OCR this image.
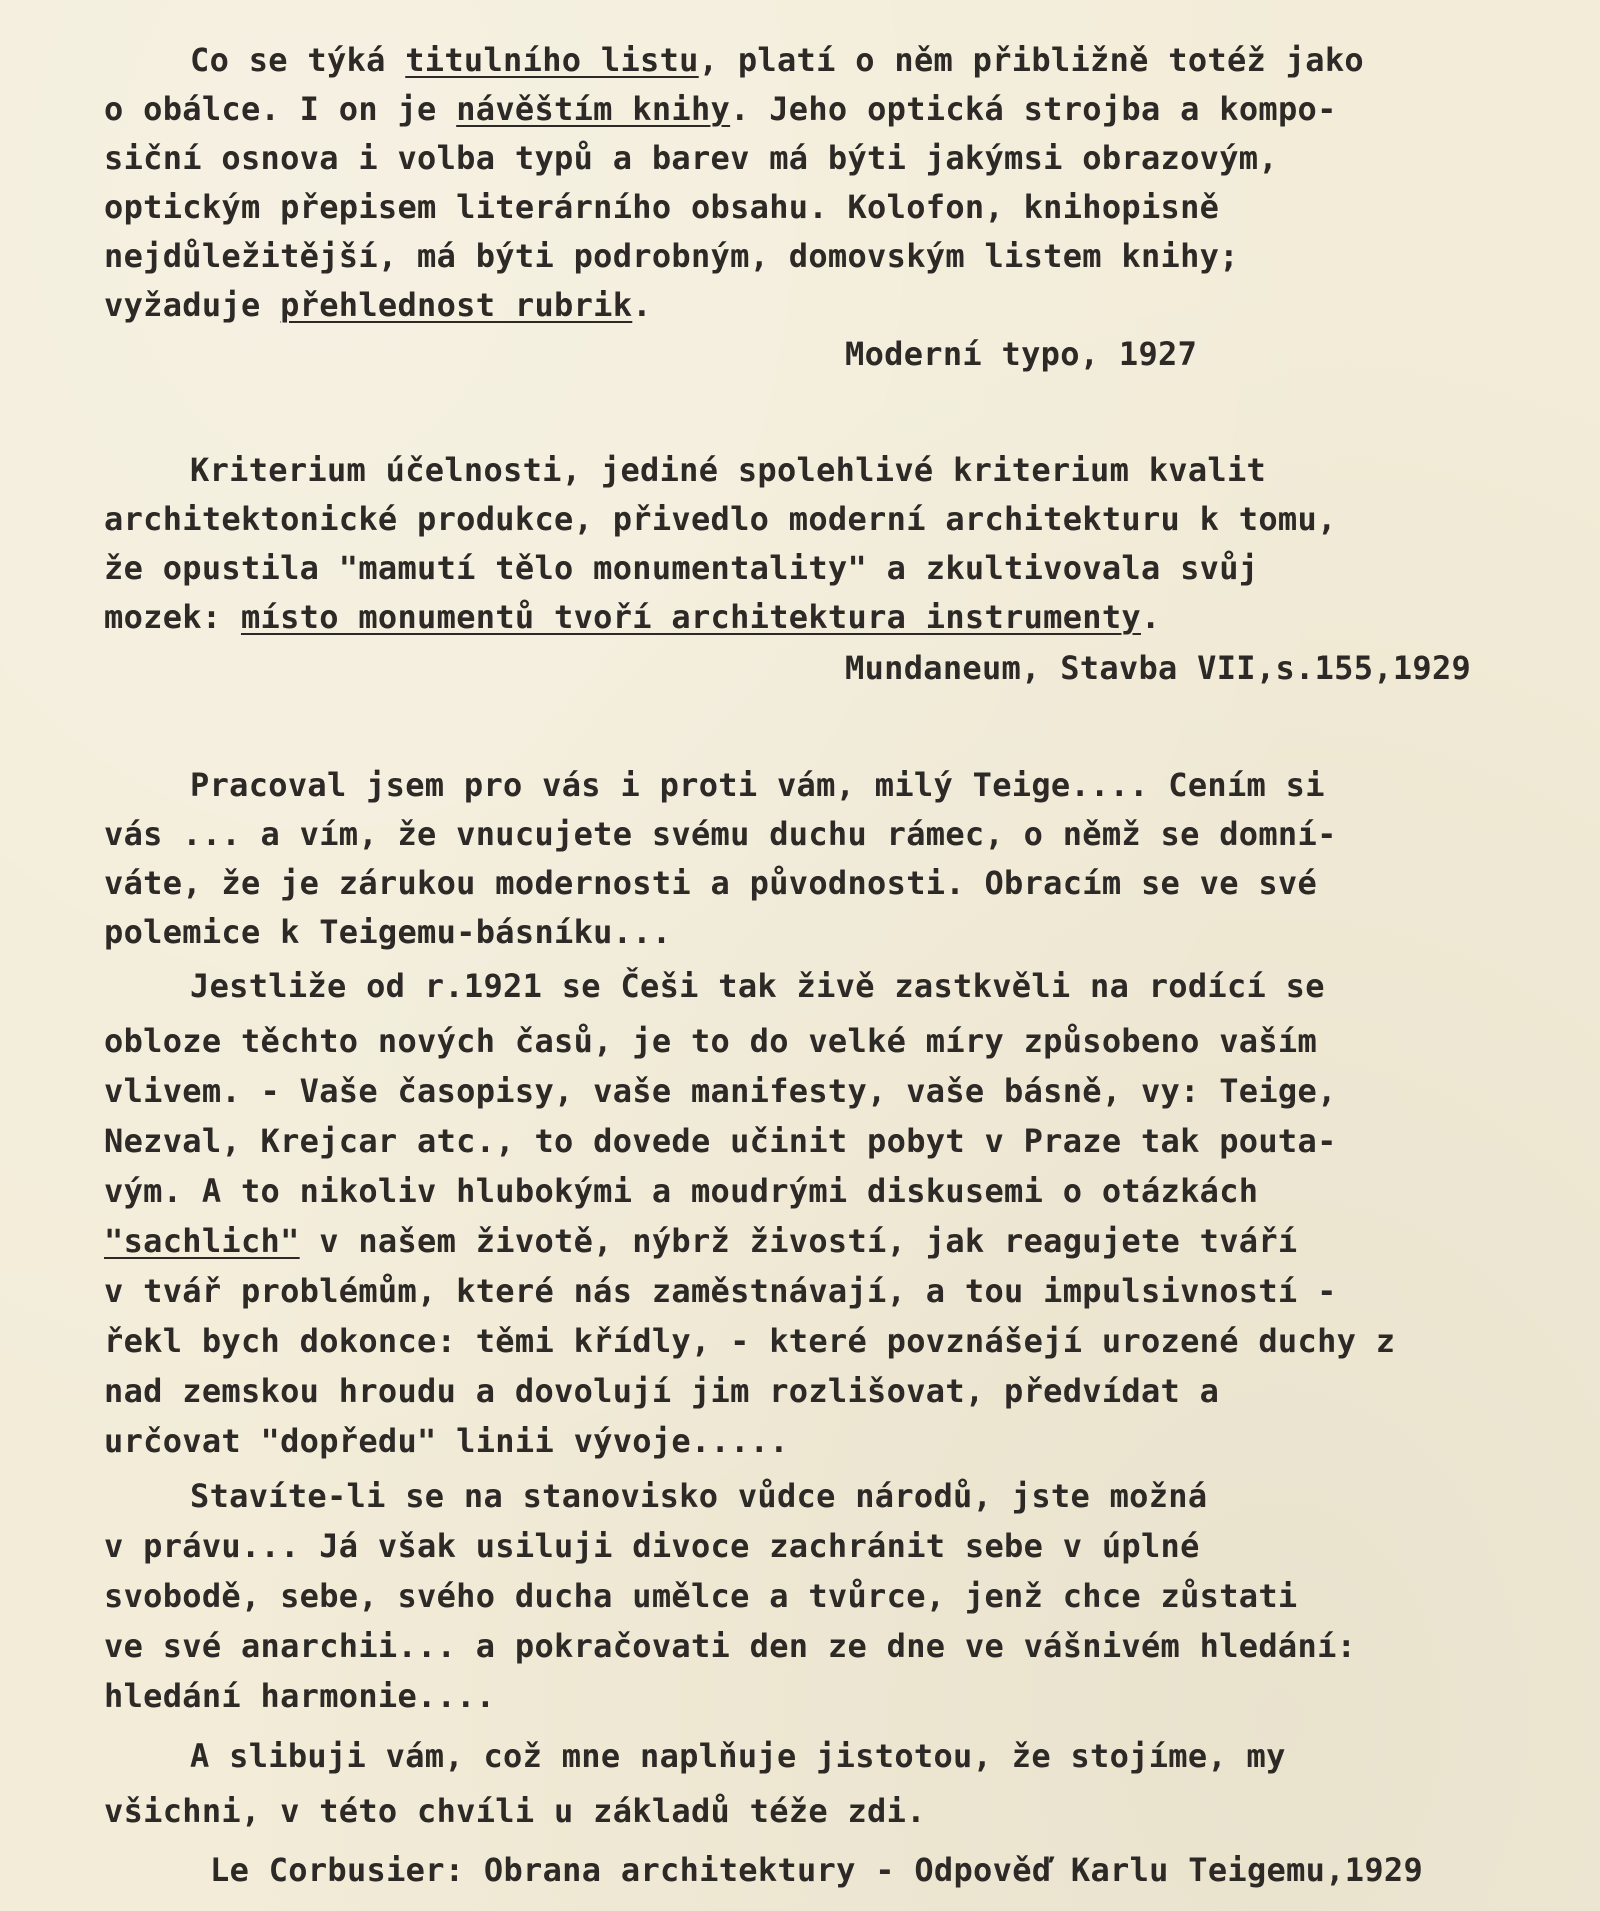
Co se týká titulního listu, platí o něm přibližně totéž jako
o obálce. I on je návěštím knihy. Jeho optická strojba a kompo-
siční osnova i volba typů a barev má býti jakýmsi obrazovým,
optickým přepisem literárního obsahu. Kolofon, knihopisně
nejdůležitější, má býti podrobným, domovským listem knihy;
vyžaduje přehlednost rubrik.
Moderní typo, 1927
Kriterium účelnosti, jediné spolehlivé kriterium kvalit
architektonické produkce, přivedlo moderní architekturu k tomu,
že opustila "mamutí tělo monumentality" a zkultivovala svůj
mozek: místo monumentů tvoří architektura instrumenty.
Mundaneum, Stavba VII,s.155,1929
Pracoval jsem pro vás i proti vám, milý Teige.... Cením si
vás ... a vím, že vnucujete svému duchu rámec, o němž se domní-
váte, že je zárukou modernosti a původnosti. Obracím se ve své
polemice k Teigemu-básníku...
Jestliže od r.1921 se Češi tak živě zastkvěli na rodící se
obloze těchto nových časů, je to do velké míry způsobeno vaším
vlivem. - Vaše časopisy, vaše manifesty, vaše básně, vy: Teige,
Nezval, Krejcar atc., to dovede učinit pobyt v Praze tak pouta-
vým. A to nikoliv hlubokými a moudrými diskusemi o otázkách
"sachlich" v našem životě, nýbrž živostí, jak reagujete tváří
v tvář problémům, které nás zaměstnávají, a tou impulsivností -
řekl bych dokonce: těmi křídly, - které povznášejí urozené duchy z
nad zemskou hroudu a dovolují jim rozlišovat, předvídat a
určovat "dopředu" linii vývoje.....
Stavíte-li se na stanovisko vůdce národů, jste možná
v právu... Já však usiluji divoce zachránit sebe v úplné
svobodě, sebe, svého ducha umělce a tvůrce, jenž chce zůstati
ve své anarchii... a pokračovati den ze dne ve vášnivém hledání:
hledání harmonie....
A slibuji vám, což mne naplňuje jistotou, že stojíme, my
všichni, v této chvíli u základů téže zdi.
Le Corbusier: Obrana architektury - Odpověď Karlu Teigemu,1929
